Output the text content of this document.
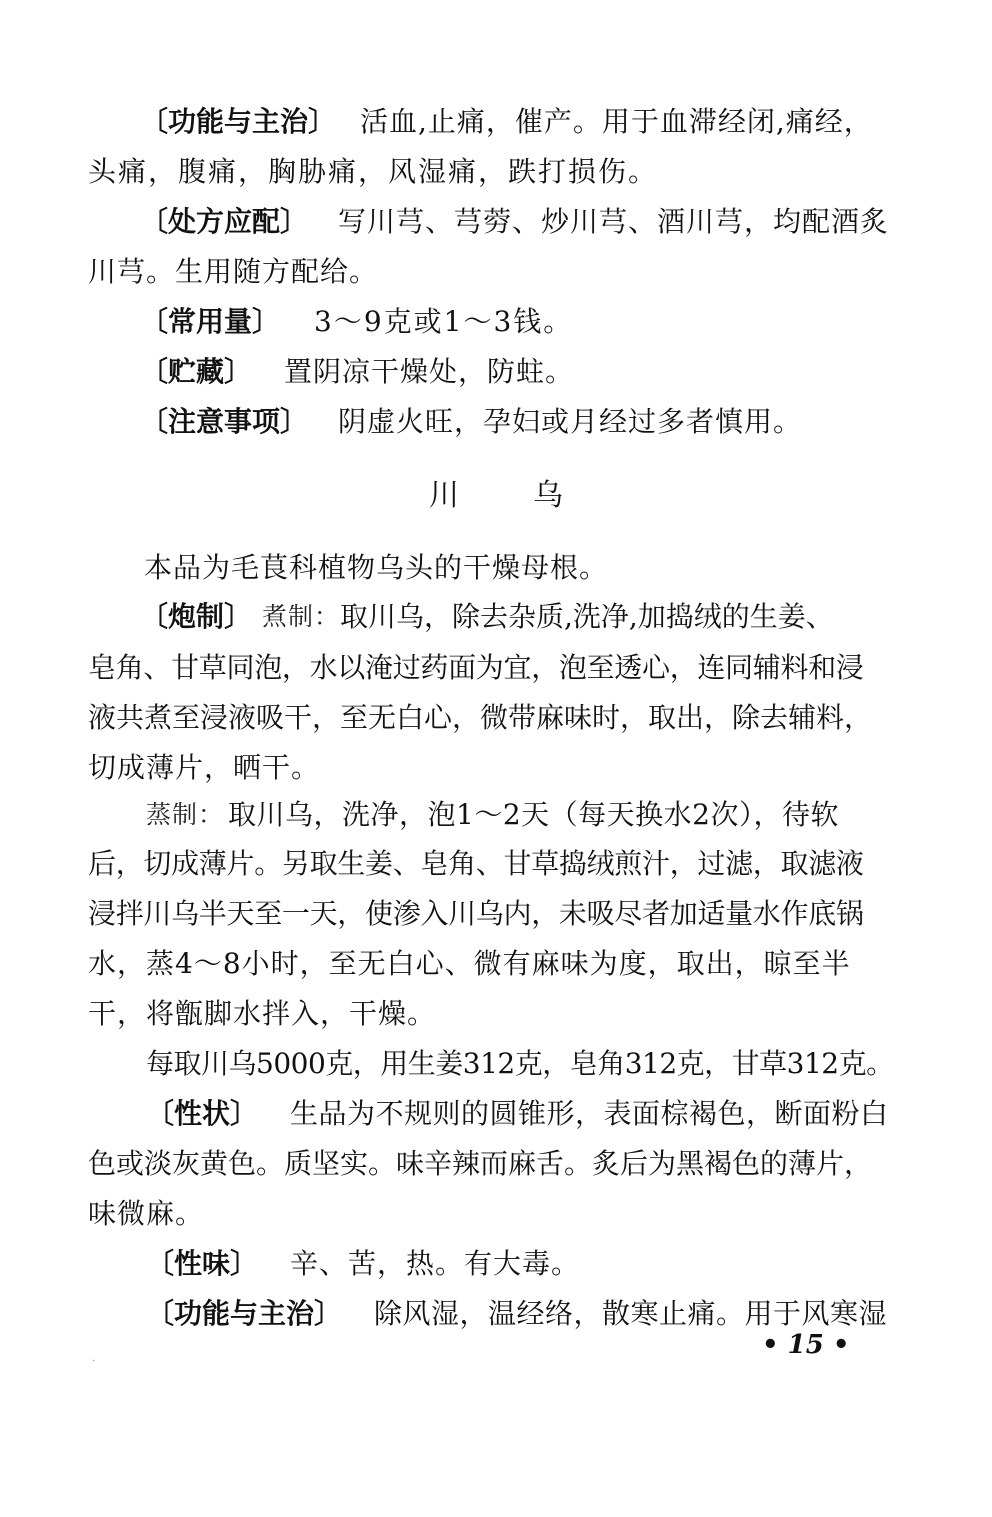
〔功能与主治〕 活血,止痛，催产。用于血滞经闭,痛经，
头痛，腹痛，胸胁痛，风湿痛，跌打损伤。
〔处方应配〕 写川芎、芎䓖、炒川芎、酒川芎，均配酒炙
川芎。生用随方配给。
〔常用量〕 3～9克或1～3钱。
〔贮藏〕 置阴凉干燥处，防蛀。
〔注意事项〕 阴虚火旺，孕妇或月经过多者慎用。
川 乌
本品为毛茛科植物乌头的干燥母根。
〔炮制〕 煮制： 取川乌，除去杂质,洗净,加捣绒的生姜、
皂角、甘草同泡，水以淹过药面为宜，泡至透心，连同辅料和浸
液共煮至浸液吸干，至无白心，微带麻味时，取出，除去辅料，
切成薄片，晒干。
蒸制： 取川乌，洗净，泡1～2天（每天换水2次），待软
后，切成薄片。另取生姜、皂角、甘草捣绒煎汁，过滤，取滤液
浸拌川乌半天至一天，使渗入川乌内，未吸尽者加适量水作底锅
水，蒸4～8小时，至无白心、微有麻味为度，取出，晾至半
干，将甑脚水拌入，干燥。
每取川乌5000克，用生姜312克，皂角312克，甘草312克。
〔性状〕 生品为不规则的圆锥形，表面棕褐色，断面粉白
色或淡灰黄色。质坚实。味辛辣而麻舌。炙后为黑褐色的薄片，
味微麻。
〔性味〕 辛、苦，热。有大毒。
〔功能与主治〕 除风湿，温经络，散寒止痛。用于风寒湿
• 15 •
·
